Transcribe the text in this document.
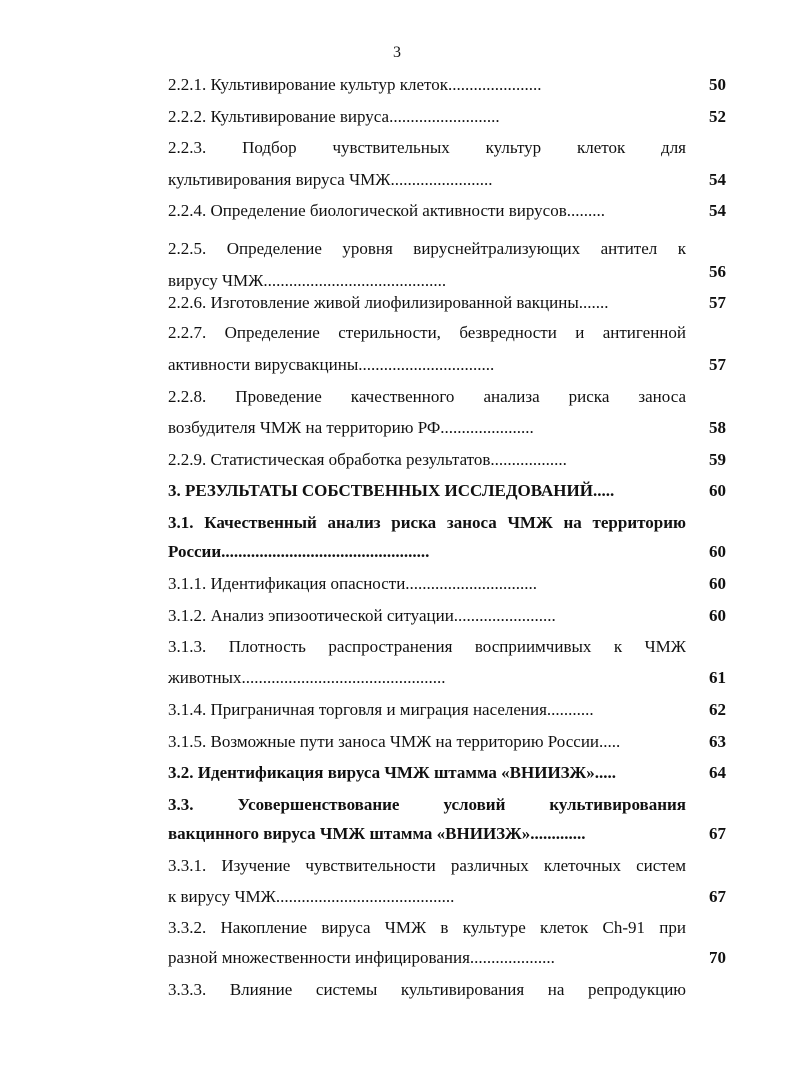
3
2.2.1. Культивирование культур клеток......................	50
2.2.2. Культивирование вируса..........................	52
2.2.3. Подбор чувствительных культур клеток для
культивирования вируса ЧМЖ........................	54
2.2.4. Определение биологической активности вирусов.........	54
2.2.5. Определение уровня вируснейтрализующих антител к
вирусу ЧМЖ...........................................	56
2.2.6. Изготовление живой лиофилизированной вакцины.......	57
2.2.7. Определение стерильности, безвредности и антигенной
активности вирусвакцины................................	57
2.2.8. Проведение качественного анализа риска заноса
возбудителя ЧМЖ на территорию РФ......................	58
2.2.9. Статистическая обработка результатов..................	59
3. РЕЗУЛЬТАТЫ СОБСТВЕННЫХ ИССЛЕДОВАНИЙ.....	60
3.1. Качественный анализ риска заноса ЧМЖ на территорию
России.................................................	60
3.1.1. Идентификация опасности...............................	60
3.1.2. Анализ эпизоотической ситуации........................	60
3.1.3. Плотность распространения восприимчивых к ЧМЖ
животных................................................	61
3.1.4. Приграничная торговля и миграция населения...........	62
3.1.5. Возможные пути заноса ЧМЖ на территорию России.....	63
3.2. Идентификация вируса ЧМЖ штамма «ВНИИЗЖ».....	64
3.3. Усовершенствование условий культивирования
вакцинного вируса ЧМЖ штамма «ВНИИЗЖ».............	67
3.3.1. Изучение чувствительности различных клеточных систем
к вирусу ЧМЖ..........................................	67
3.3.2. Накопление вируса ЧМЖ в культуре клеток Ch-91 при
разной множественности инфицирования....................	70
3.3.3. Влияние системы культивирования на репродукцию
